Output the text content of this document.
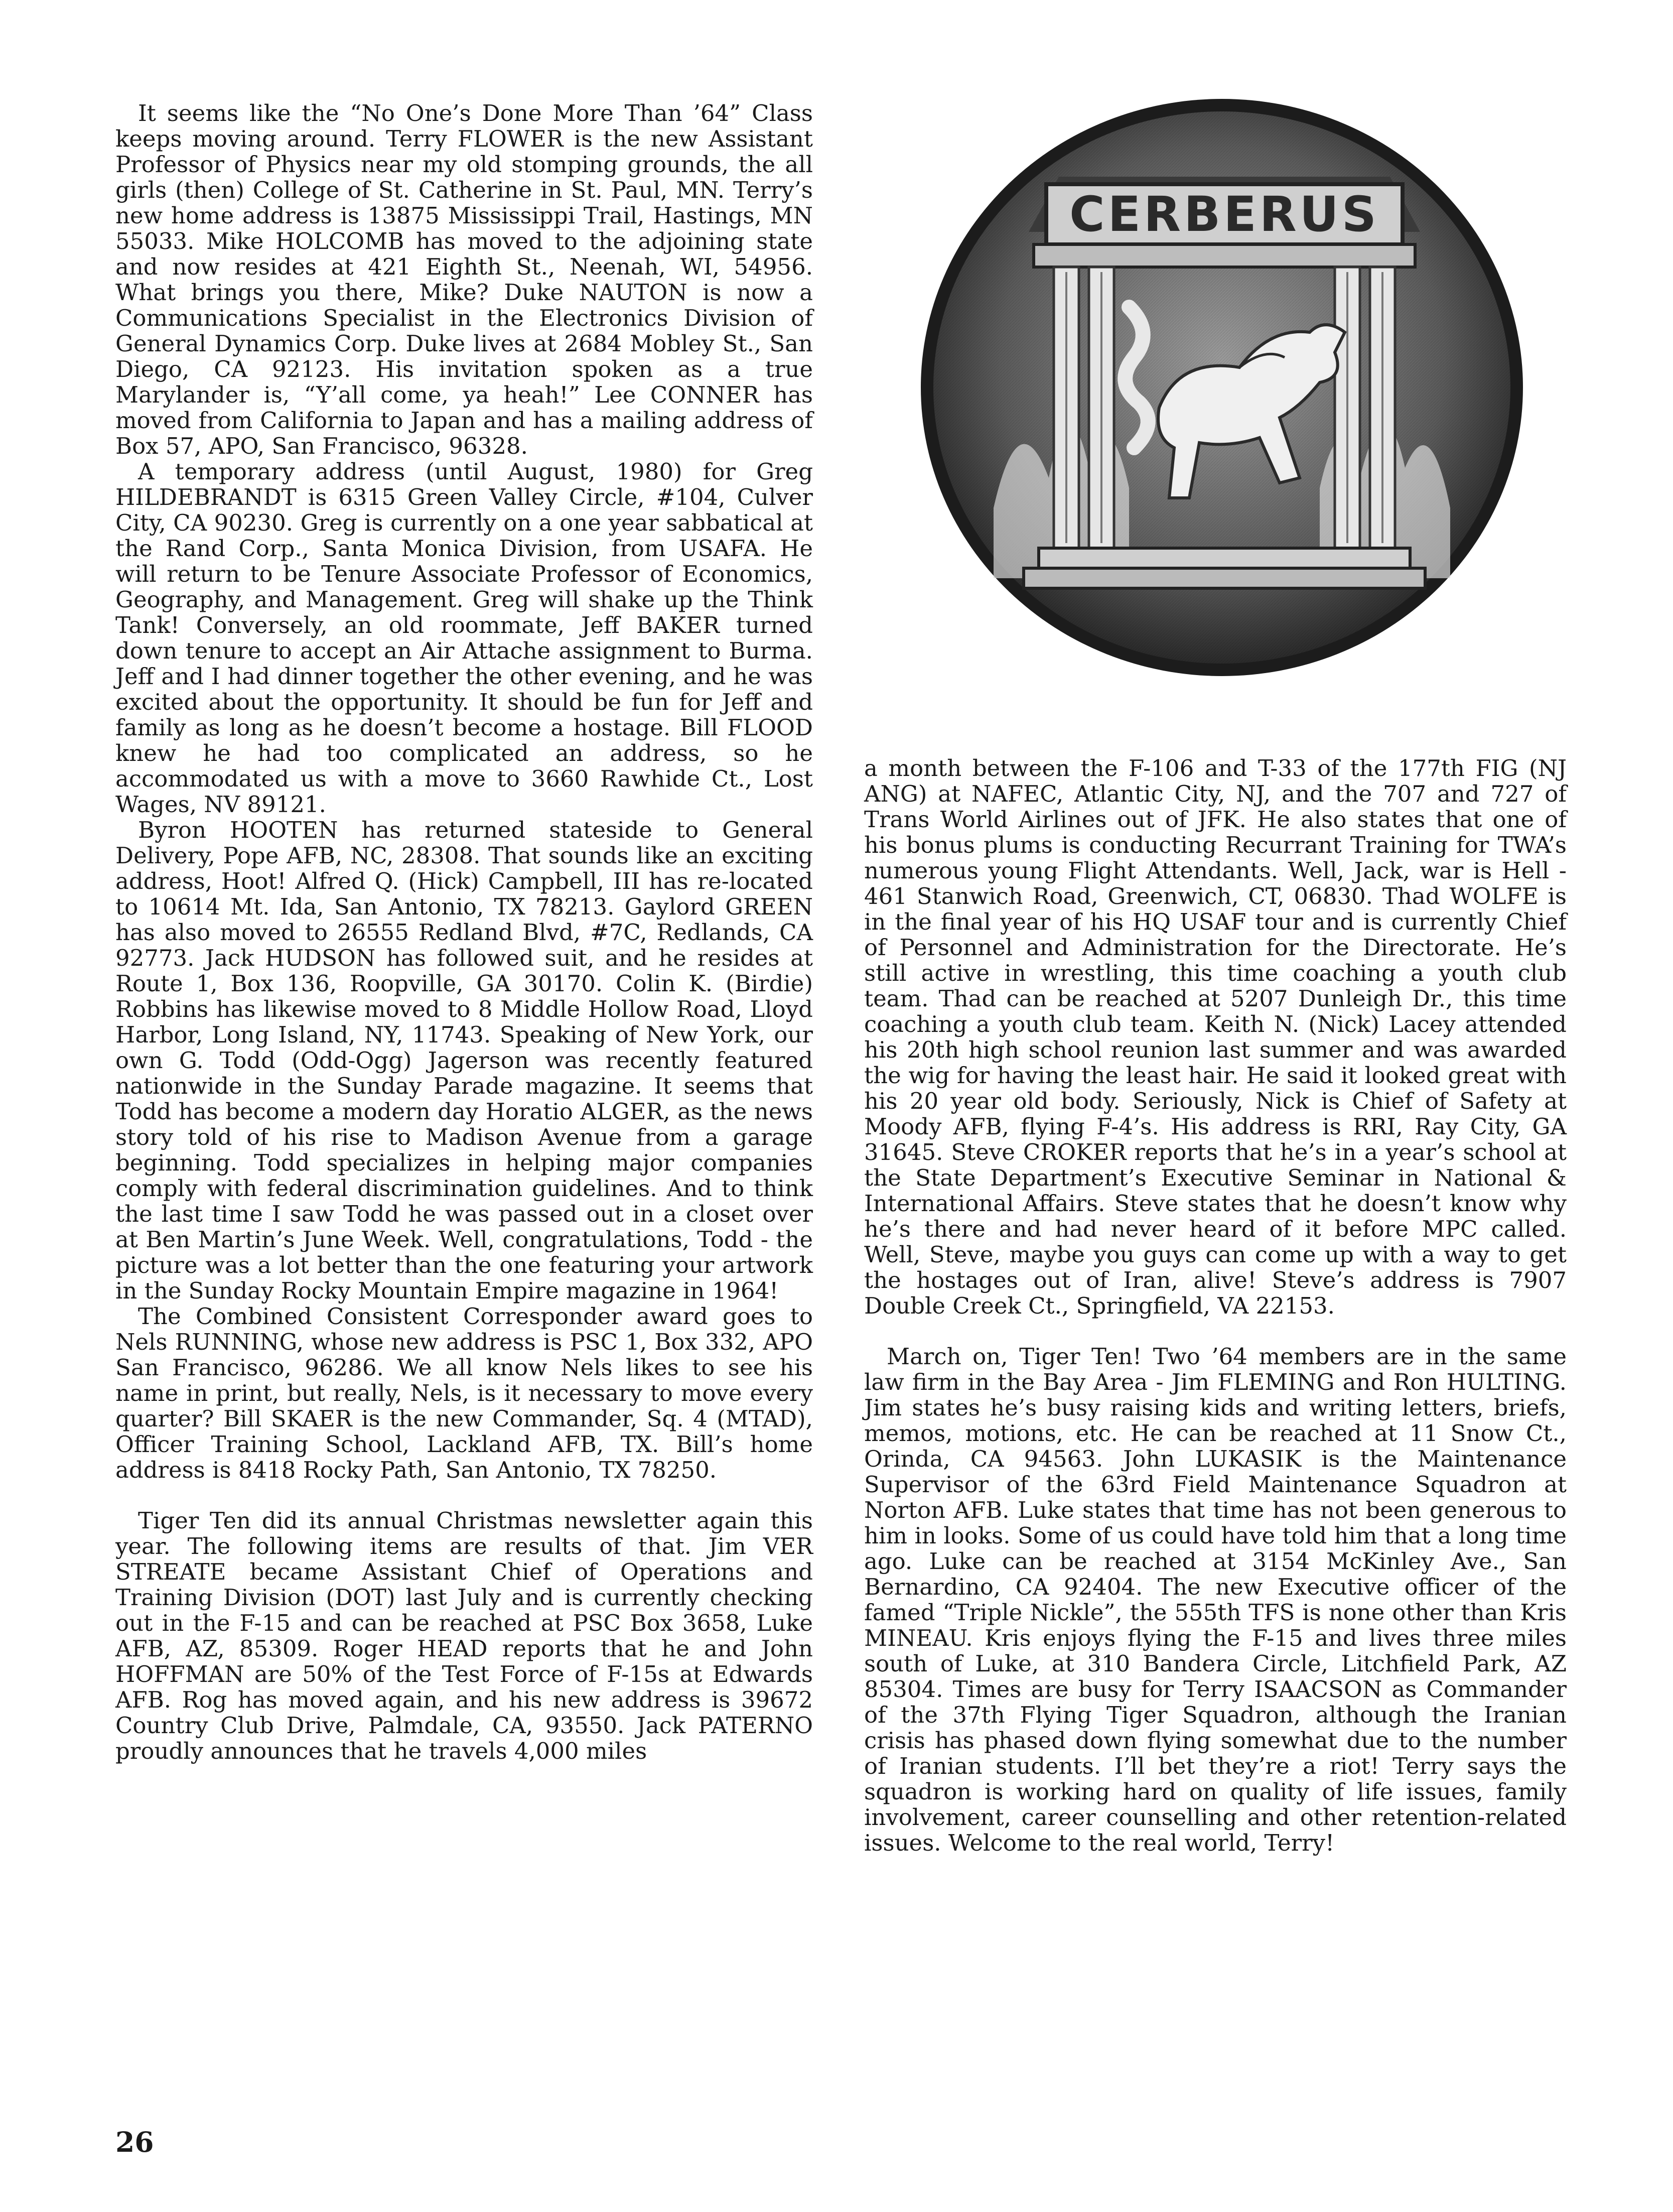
It seems like the “No One’s Done More Than ’64” Class keeps moving around. Terry FLOWER is the new Assistant Professor of Physics near my old stomping grounds, the all girls (then) College of St. Catherine in St. Paul, MN. Terry’s new home address is 13875 Mississippi Trail, Hastings, MN 55033. Mike HOLCOMB has moved to the adjoining state and now resides at 421 Eighth St., Neenah, WI, 54956. What brings you there, Mike? Duke NAUTON is now a Communications Specialist in the Electronics Division of General Dynamics Corp. Duke lives at 2684 Mobley St., San Diego, CA 92123. His invitation spoken as a true Marylander is, “Y’all come, ya heah!” Lee CONNER has moved from California to Japan and has a mailing address of Box 57, APO, San Francisco, 96328.

A temporary address (until August, 1980) for Greg HILDEBRANDT is 6315 Green Valley Circle, #104, Culver City, CA 90230. Greg is currently on a one year sabbatical at the Rand Corp., Santa Monica Division, from USAFA. He will return to be Tenure Associate Professor of Economics, Geography, and Management. Greg will shake up the Think Tank! Conversely, an old roommate, Jeff BAKER turned down tenure to accept an Air Attache assignment to Burma. Jeff and I had dinner together the other evening, and he was excited about the opportunity. It should be fun for Jeff and family as long as he doesn’t become a hostage. Bill FLOOD knew he had too complicated an address, so he accommodated us with a move to 3660 Rawhide Ct., Lost Wages, NV 89121.

Byron HOOTEN has returned stateside to General Delivery, Pope AFB, NC, 28308. That sounds like an exciting address, Hoot! Alfred Q. (Hick) Campbell, III has re-located to 10614 Mt. Ida, San Antonio, TX 78213. Gaylord GREEN has also moved to 26555 Redland Blvd, #7C, Redlands, CA 92773. Jack HUDSON has followed suit, and he resides at Route 1, Box 136, Roopville, GA 30170. Colin K. (Birdie) Robbins has likewise moved to 8 Middle Hollow Road, Lloyd Harbor, Long Island, NY, 11743. Speaking of New York, our own G. Todd (Odd-Ogg) Jagerson was recently featured nationwide in the Sunday Parade magazine. It seems that Todd has become a modern day Horatio ALGER, as the news story told of his rise to Madison Avenue from a garage beginning. Todd specializes in helping major companies comply with federal discrimination guidelines. And to think the last time I saw Todd he was passed out in a closet over at Ben Martin’s June Week. Well, congratulations, Todd - the picture was a lot better than the one featuring your artwork in the Sunday Rocky Mountain Empire magazine in 1964!

The Combined Consistent Corresponder award goes to Nels RUNNING, whose new address is PSC 1, Box 332, APO San Francisco, 96286. We all know Nels likes to see his name in print, but really, Nels, is it necessary to move every quarter? Bill SKAER is the new Commander, Sq. 4 (MTAD), Officer Training School, Lackland AFB, TX. Bill’s home address is 8418 Rocky Path, San Antonio, TX 78250.

Tiger Ten did its annual Christmas newsletter again this year. The following items are results of that. Jim VER STREATE became Assistant Chief of Operations and Training Division (DOT) last July and is currently checking out in the F-15 and can be reached at PSC Box 3658, Luke AFB, AZ, 85309. Roger HEAD reports that he and John HOFFMAN are 50% of the Test Force of F-15s at Edwards AFB. Rog has moved again, and his new address is 39672 Country Club Drive, Palmdale, CA, 93550. Jack PATERNO proudly announces that he travels 4,000 miles

CERBERUS

a month between the F-106 and T-33 of the 177th FIG (NJ ANG) at NAFEC, Atlantic City, NJ, and the 707 and 727 of Trans World Airlines out of JFK. He also states that one of his bonus plums is conducting Recurrant Training for TWA’s numerous young Flight Attendants. Well, Jack, war is Hell - 461 Stanwich Road, Greenwich, CT, 06830. Thad WOLFE is in the final year of his HQ USAF tour and is currently Chief of Personnel and Administration for the Directorate. He’s still active in wrestling, this time coaching a youth club team. Thad can be reached at 5207 Dunleigh Dr., this time coaching a youth club team. Keith N. (Nick) Lacey attended his 20th high school reunion last summer and was awarded the wig for having the least hair. He said it looked great with his 20 year old body. Seriously, Nick is Chief of Safety at Moody AFB, flying F-4’s. His address is RRI, Ray City, GA 31645. Steve CROKER reports that he’s in a year’s school at the State Department’s Executive Seminar in National & International Affairs. Steve states that he doesn’t know why he’s there and had never heard of it before MPC called. Well, Steve, maybe you guys can come up with a way to get the hostages out of Iran, alive! Steve’s address is 7907 Double Creek Ct., Springfield, VA 22153.

March on, Tiger Ten! Two ’64 members are in the same law firm in the Bay Area - Jim FLEMING and Ron HULTING. Jim states he’s busy raising kids and writing letters, briefs, memos, motions, etc. He can be reached at 11 Snow Ct., Orinda, CA 94563. John LUKASIK is the Maintenance Supervisor of the 63rd Field Maintenance Squadron at Norton AFB. Luke states that time has not been generous to him in looks. Some of us could have told him that a long time ago. Luke can be reached at 3154 McKinley Ave., San Bernardino, CA 92404. The new Executive officer of the famed “Triple Nickle”, the 555th TFS is none other than Kris MINEAU. Kris enjoys flying the F-15 and lives three miles south of Luke, at 310 Bandera Circle, Litchfield Park, AZ 85304. Times are busy for Terry ISAACSON as Commander of the 37th Flying Tiger Squadron, although the Iranian crisis has phased down flying somewhat due to the number of Iranian students. I’ll bet they’re a riot! Terry says the squadron is working hard on quality of life issues, family involvement, career counselling and other retention-related issues. Welcome to the real world, Terry!

26
